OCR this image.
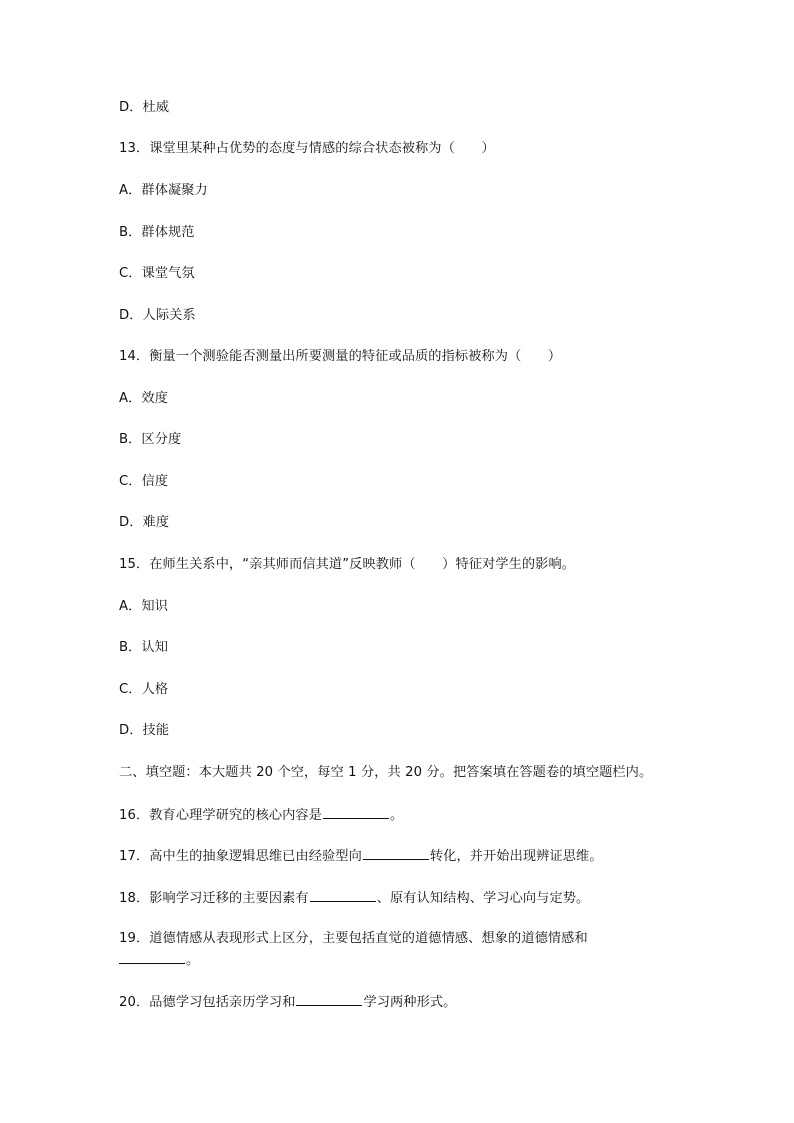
D．杜威
13．课堂里某种占优势的态度与情感的综合状态被称为（　　）
A．群体凝聚力
B．群体规范
C．课堂气氛
D．人际关系
14．衡量一个测验能否测量出所要测量的特征或品质的指标被称为（　　）
A．效度
B．区分度
C．信度
D．难度
15．在师生关系中，“亲其师而信其道”反映教师（　　）特征对学生的影响。
A．知识
B．认知
C．人格
D．技能
二、填空题：本大题共 20 个空，每空 1 分，共 20 分。把答案填在答题卷的填空题栏内。
16．教育心理学研究的核心内容是	。
17．高中生的抽象逻辑思维已由经验型向	转化，并开始出现辨证思维。
18．影响学习迁移的主要因素有	、原有认知结构、学习心向与定势。
19．道德情感从表现形式上区分，主要包括直觉的道德情感、想象的道德情感和
。
20．品德学习包括亲历学习和	学习两种形式。
